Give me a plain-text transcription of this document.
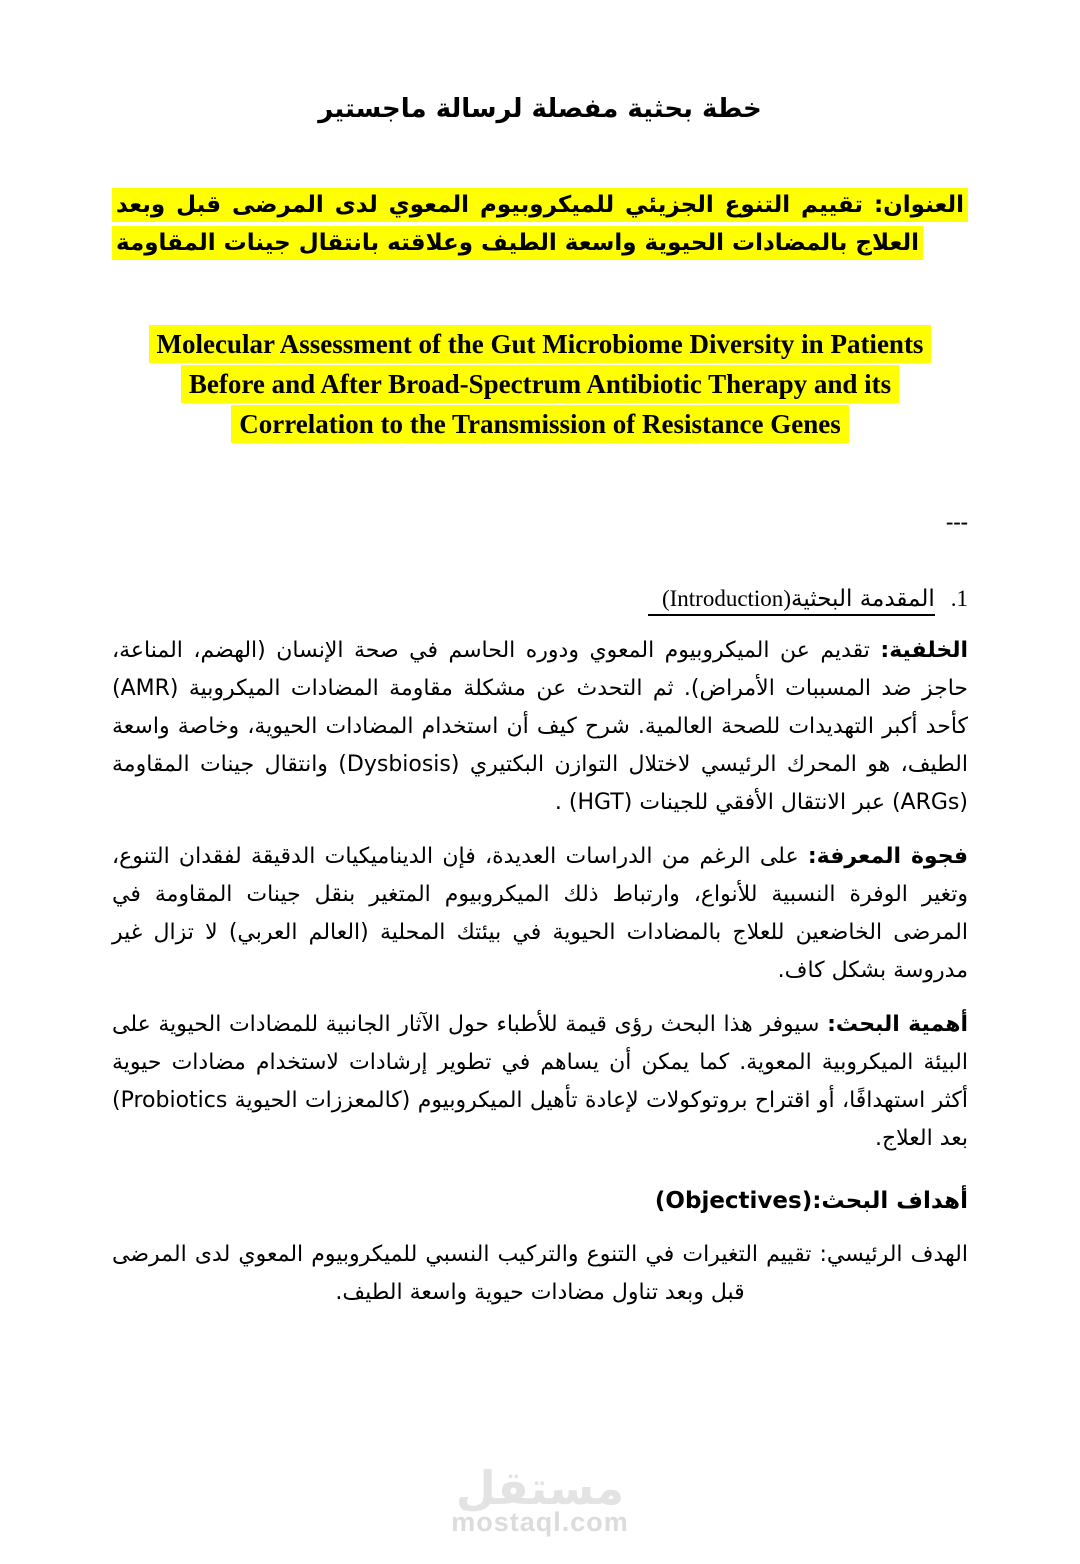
خطة بحثية مفصلة لرسالة ماجستير

العنوان: تقييم التنوع الجزيئي للميكروبيوم المعوي لدى المرضى قبل وبعد العلاج بالمضادات الحيوية واسعة الطيف وعلاقته بانتقال جينات المقاومة

Molecular Assessment of the Gut Microbiome Diversity in Patients
Before and After Broad-Spectrum Antibiotic Therapy and its
Correlation to the Transmission of Resistance Genes

---

1.المقدمة البحثية(Introduction)

الخلفية: تقديم عن الميكروبيوم المعوي ودوره الحاسم في صحة الإنسان (الهضم، المناعة، حاجز ضد المسببات الأمراض). ثم التحدث عن مشكلة مقاومة المضادات الميكروبية (AMR) كأحد أكبر التهديدات للصحة العالمية. شرح كيف أن استخدام المضادات الحيوية، وخاصة واسعة الطيف، هو المحرك الرئيسي لاختلال التوازن البكتيري (Dysbiosis) وانتقال جينات المقاومة (ARGs) عبر الانتقال الأفقي للجينات (HGT) .

فجوة المعرفة: على الرغم من الدراسات العديدة، فإن الديناميكيات الدقيقة لفقدان التنوع، وتغير الوفرة النسبية للأنواع، وارتباط ذلك الميكروبيوم المتغير بنقل جينات المقاومة في المرضى الخاضعين للعلاج بالمضادات الحيوية في بيئتك المحلية (العالم العربي) لا تزال غير مدروسة بشكل كاف.

أهمية البحث: سيوفر هذا البحث رؤى قيمة للأطباء حول الآثار الجانبية للمضادات الحيوية على البيئة الميكروبية المعوية. كما يمكن أن يساهم في تطوير إرشادات لاستخدام مضادات حيوية أكثر استهدافًا، أو اقتراح بروتوكولات لإعادة تأهيل الميكروبيوم (كالمعززات الحيوية Probiotics) بعد العلاج.

أهداف البحث:(Objectives)

الهدف الرئيسي: تقييم التغيرات في التنوع والتركيب النسبي للميكروبيوم المعوي لدى المرضى قبل وبعد تناول مضادات حيوية واسعة الطيف.

مستقل
mostaql.com
